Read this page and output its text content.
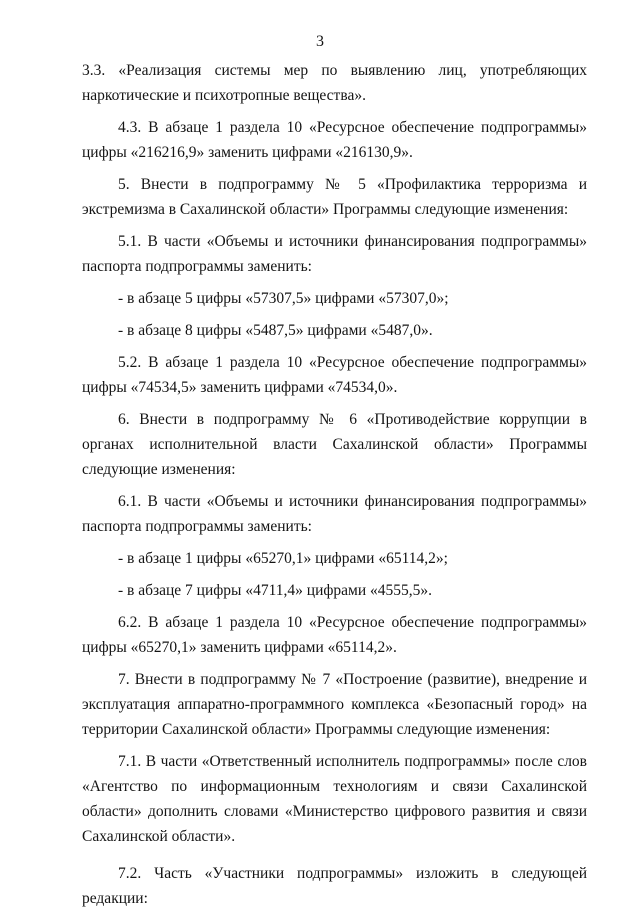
3

3.3. «Реализация системы мер по выявлению лиц, употребляющих наркотические и психотропные вещества».

4.3. В абзаце 1 раздела 10 «Ресурсное обеспечение подпрограммы» цифры «216216,9» заменить цифрами «216130,9».

5. Внести в подпрограмму № 5 «Профилактика терроризма и экстремизма в Сахалинской области» Программы следующие изменения:

5.1. В части «Объемы и источники финансирования подпрограммы» паспорта подпрограммы заменить:

- в абзаце 5 цифры «57307,5» цифрами «57307,0»;

- в абзаце 8 цифры «5487,5» цифрами «5487,0».

5.2. В абзаце 1 раздела 10 «Ресурсное обеспечение подпрограммы» цифры «74534,5» заменить цифрами «74534,0».

6. Внести в подпрограмму № 6 «Противодействие коррупции в органах исполнительной власти Сахалинской области» Программы следующие изменения:

6.1. В части «Объемы и источники финансирования подпрограммы» паспорта подпрограммы заменить:

- в абзаце 1 цифры «65270,1» цифрами «65114,2»;

- в абзаце 7 цифры «4711,4» цифрами «4555,5».

6.2. В абзаце 1 раздела 10 «Ресурсное обеспечение подпрограммы» цифры «65270,1» заменить цифрами «65114,2».

7. Внести в подпрограмму № 7 «Построение (развитие), внедрение и эксплуатация аппаратно-программного комплекса «Безопасный город» на территории Сахалинской области» Программы следующие изменения:

7.1. В части «Ответственный исполнитель подпрограммы» после слов «Агентство по информационным технологиям и связи Сахалинской области» дополнить словами «Министерство цифрового развития и связи Сахалинской области».

7.2. Часть «Участники подпрограммы» изложить в следующей редакции:
